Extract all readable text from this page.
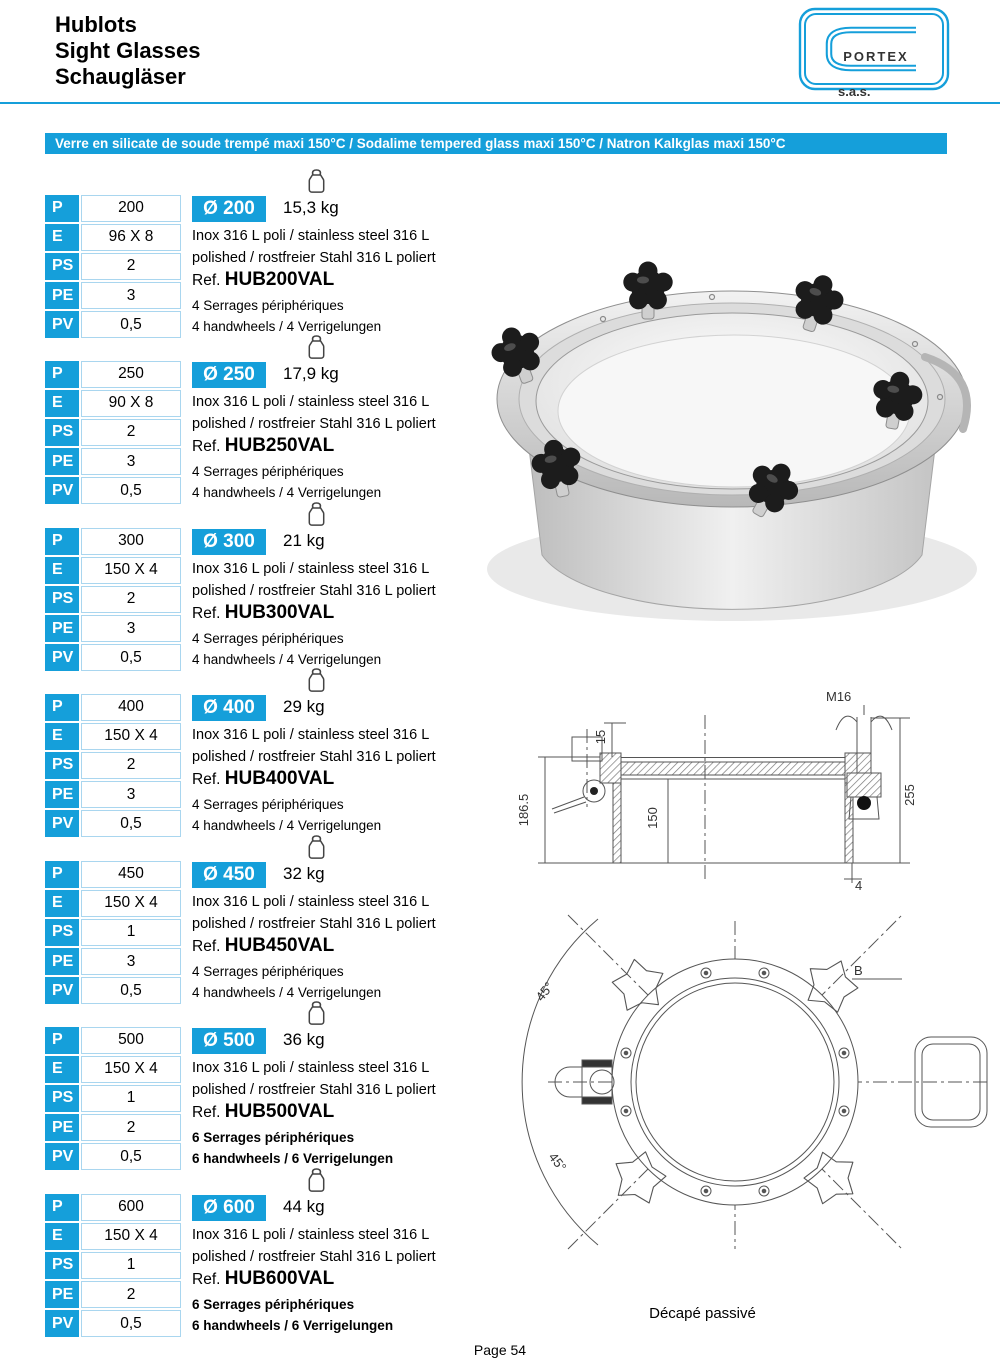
Hublots
Sight Glasses
Schaugläser
PORTEX
s.a.s.
Verre en silicate de soude trempé maxi 150°C / Sodalime tempered glass maxi 150°C / Natron Kalkglas maxi 150°C
P	200
E	96 X 8
PS	2
PE	3
PV	0,5
Ø 200	15,3 kg
Inox 316 L poli / stainless steel 316 L
polished / rostfreier Stahl 316 L poliert
Ref. HUB200VAL
4 Serrages périphériques
4 handwheels / 4 Verrigelungen
P	250
E	90 X 8
PS	2
PE	3
PV	0,5
Ø 250	17,9 kg
Inox 316 L poli / stainless steel 316 L
polished / rostfreier Stahl 316 L poliert
Ref. HUB250VAL
4 Serrages périphériques
4 handwheels / 4 Verrigelungen
P	300
E	150 X 4
PS	2
PE	3
PV	0,5
Ø 300	21 kg
Inox 316 L poli / stainless steel 316 L
polished / rostfreier Stahl 316 L poliert
Ref. HUB300VAL
4 Serrages périphériques
4 handwheels / 4 Verrigelungen
P	400
E	150 X 4
PS	2
PE	3
PV	0,5
Ø 400	29 kg
Inox 316 L poli / stainless steel 316 L
polished / rostfreier Stahl 316 L poliert
Ref. HUB400VAL
4 Serrages périphériques
4 handwheels / 4 Verrigelungen
P	450
E	150 X 4
PS	1
PE	3
PV	0,5
Ø 450	32 kg
Inox 316 L poli / stainless steel 316 L
polished / rostfreier Stahl 316 L poliert
Ref. HUB450VAL
4 Serrages périphériques
4 handwheels / 4 Verrigelungen
P	500
E	150 X 4
PS	1
PE	2
PV	0,5
Ø 500	36 kg
Inox 316 L poli / stainless steel 316 L
polished / rostfreier Stahl 316 L poliert
Ref. HUB500VAL
6 Serrages périphériques
6 handwheels / 6 Verrigelungen
P	600
E	150 X 4
PS	1
PE	2
PV	0,5
Ø 600	44 kg
Inox 316 L poli / stainless steel 316 L
polished / rostfreier Stahl 316 L poliert
Ref. HUB600VAL
6 Serrages périphériques
6 handwheels / 6 Verrigelungen
M16
15
186.5	150
255
4
45°
45°
B
Décapé passivé
Page 54
